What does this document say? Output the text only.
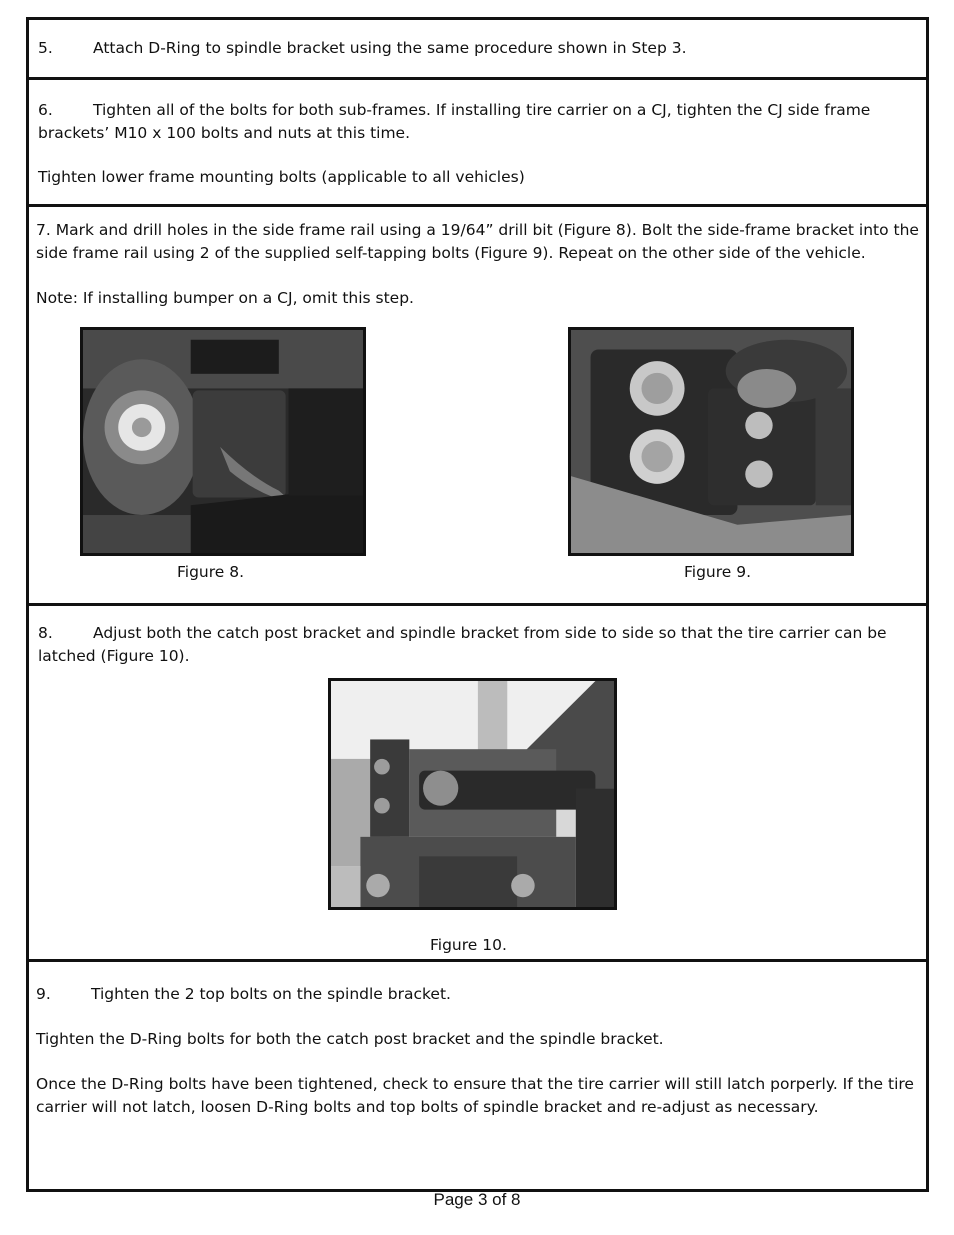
5.	Attach D-Ring to spindle bracket using the same procedure shown in Step 3.
6.	Tighten all of the bolts for both sub-frames. If installing tire carrier on a CJ, tighten the CJ side frame
brackets’ M10 x 100 bolts and nuts at this time.
Tighten lower frame mounting bolts (applicable to all vehicles)
7. Mark and drill holes in the side frame rail using a 19/64” drill bit (Figure 8). Bolt the side-frame bracket into the
side frame rail using 2 of the supplied self-tapping bolts (Figure 9). Repeat on the other side of the vehicle.
Note: If installing bumper on a CJ, omit this step.
Figure 8.	Figure 9.
8.	Adjust both the catch post bracket and spindle bracket from side to side so that the tire carrier can be
latched (Figure 10).
Figure 10.
9.	Tighten the 2 top bolts on the spindle bracket.
Tighten the D-Ring bolts for both the catch post bracket and the spindle bracket.
Once the D-Ring bolts have been tightened, check to ensure that the tire carrier will still latch porperly. If the tire
carrier will not latch, loosen D-Ring bolts and top bolts of spindle bracket and re-adjust as necessary.
Page 3 of 8
